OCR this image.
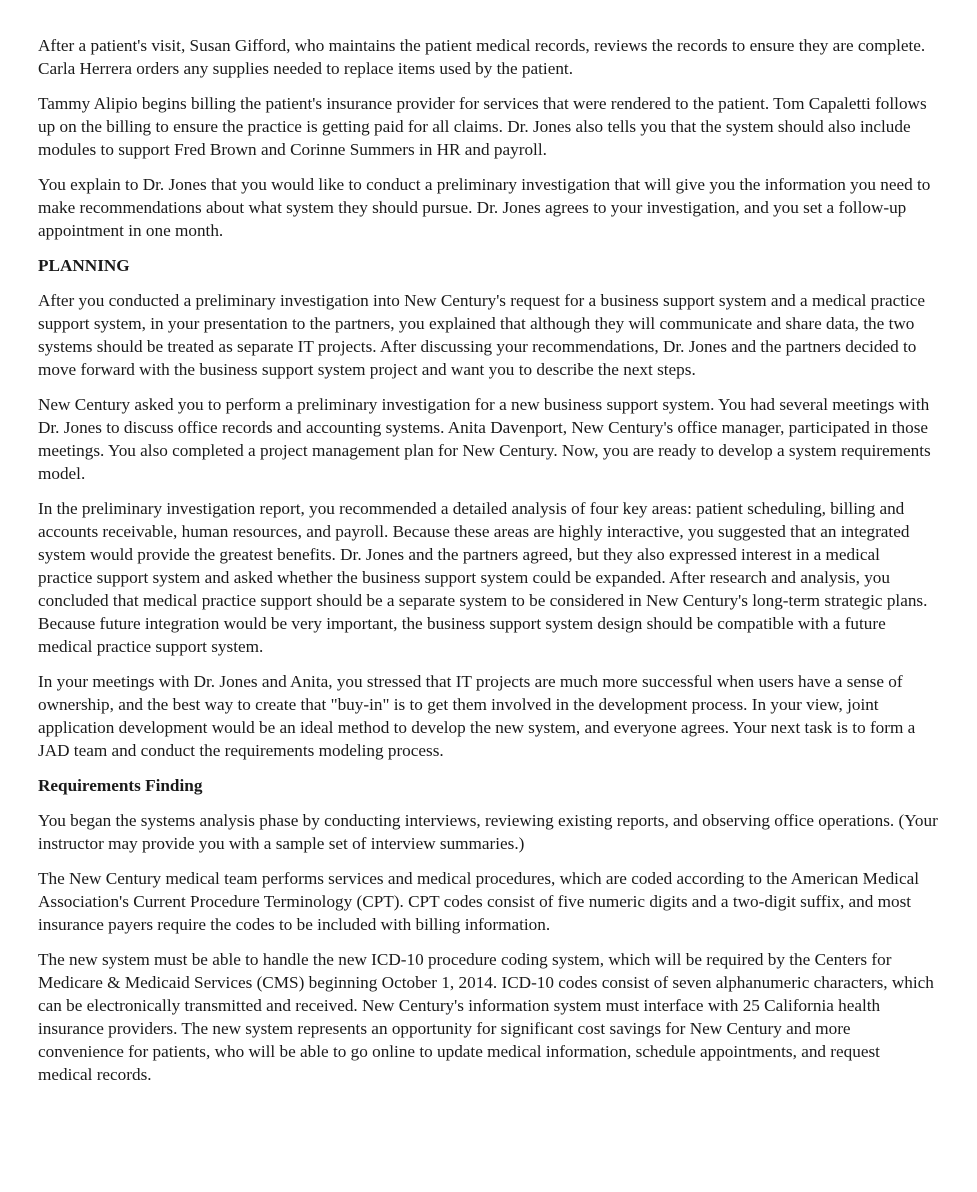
After a patient's visit, Susan Gifford, who maintains the patient medical records, reviews the records to ensure they are complete. Carla Herrera orders any supplies needed to replace items used by the patient.

Tammy Alipio begins billing the patient's insurance provider for services that were rendered to the patient. Tom Capaletti follows up on the billing to ensure the practice is getting paid for all claims. Dr. Jones also tells you that the system should also include modules to support Fred Brown and Corinne Summers in HR and payroll.

You explain to Dr. Jones that you would like to conduct a preliminary investigation that will give you the information you need to make recommendations about what system they should pursue. Dr. Jones agrees to your investigation, and you set a follow-up appointment in one month.

PLANNING

After you conducted a preliminary investigation into New Century's request for a business support system and a medical practice support system, in your presentation to the partners, you explained that although they will communicate and share data, the two systems should be treated as separate IT projects. After discussing your recommendations, Dr. Jones and the partners decided to move forward with the business support system project and want you to describe the next steps.

New Century asked you to perform a preliminary investigation for a new business support system. You had several meetings with Dr. Jones to discuss office records and accounting systems. Anita Davenport, New Century's office manager, participated in those meetings. You also completed a project management plan for New Century. Now, you are ready to develop a system requirements model.

In the preliminary investigation report, you recommended a detailed analysis of four key areas: patient scheduling, billing and accounts receivable, human resources, and payroll. Because these areas are highly interactive, you suggested that an integrated system would provide the greatest benefits. Dr. Jones and the partners agreed, but they also expressed interest in a medical practice support system and asked whether the business support system could be expanded. After research and analysis, you concluded that medical practice support should be a separate system to be considered in New Century's long-term strategic plans. Because future integration would be very important, the business support system design should be compatible with a future medical practice support system.

In your meetings with Dr. Jones and Anita, you stressed that IT projects are much more successful when users have a sense of ownership, and the best way to create that "buy-in" is to get them involved in the development process. In your view, joint application development would be an ideal method to develop the new system, and everyone agrees. Your next task is to form a JAD team and conduct the requirements modeling process.

Requirements Finding

You began the systems analysis phase by conducting interviews, reviewing existing reports, and observing office operations. (Your instructor may provide you with a sample set of interview summaries.)

The New Century medical team performs services and medical procedures, which are coded according to the American Medical Association's Current Procedure Terminology (CPT). CPT codes consist of five numeric digits and a two-digit suffix, and most insurance payers require the codes to be included with billing information.

The new system must be able to handle the new ICD-10 procedure coding system, which will be required by the Centers for Medicare & Medicaid Services (CMS) beginning October 1, 2014. ICD-10 codes consist of seven alphanumeric characters, which can be electronically transmitted and received. New Century's information system must interface with 25 California health insurance providers. The new system represents an opportunity for significant cost savings for New Century and more convenience for patients, who will be able to go online to update medical information, schedule appointments, and request medical records.
